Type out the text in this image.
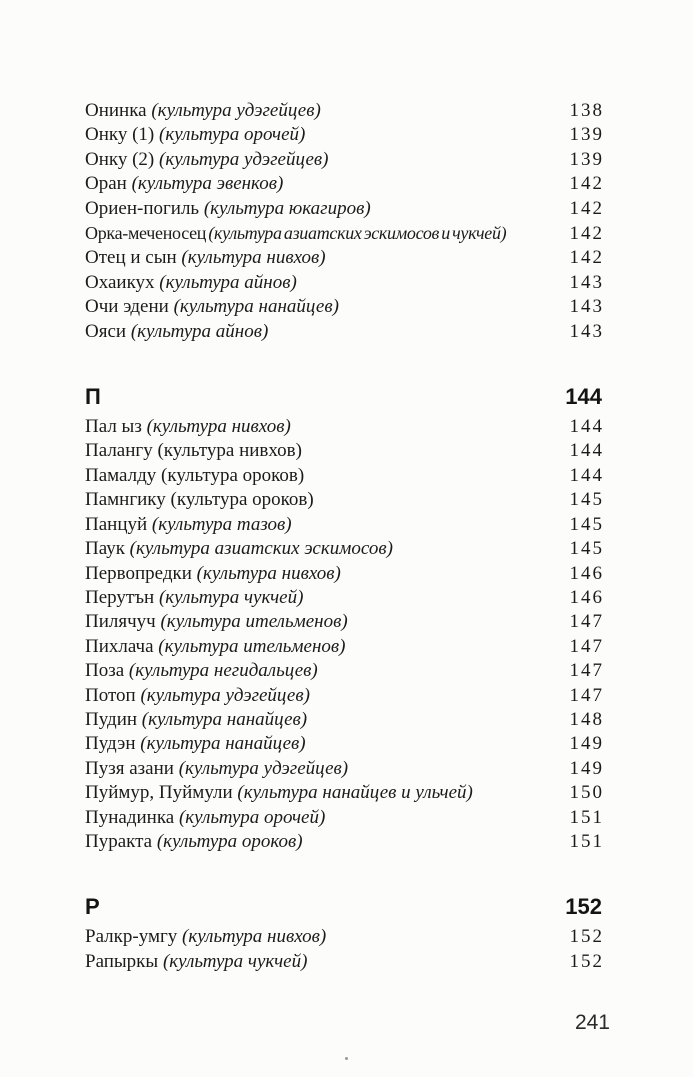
Онинка (культура удэгейцев)	138
Онку (1) (культура орочей)	139
Онку (2) (культура удэгейцев)	139
Оран (культура эвенков)	142
Ориен-погиль (культура юкагиров)	142
Орка-меченосец (культура азиатских эскимосов и чукчей)	142
Отец и сын (культура нивхов)	142
Охаикух (культура айнов)	143
Очи эдени (культура нанайцев)	143
Ояси (культура айнов)	143
П	144
Пал ыз (культура нивхов)	144
Палангу (культура нивхов)	144
Памалду (культура ороков)	144
Памнгику (культура ороков)	145
Панцуй (культура тазов)	145
Паук (культура азиатских эскимосов)	145
Первопредки (культура нивхов)	146
Перутън (культура чукчей)	146
Пилячуч (культура ительменов)	147
Пихлача (культура ительменов)	147
Поза (культура негидальцев)	147
Потоп (культура удэгейцев)	147
Пудин (культура нанайцев)	148
Пудэн (культура нанайцев)	149
Пузя азани (культура удэгейцев)	149
Пуймур, Пуймули (культура нанайцев и ульчей)	150
Пунадинка (культура орочей)	151
Пуракта (культура ороков)	151
Р	152
Ралкр-умгу (культура нивхов)	152
Рапыркы (культура чукчей)	152
241
